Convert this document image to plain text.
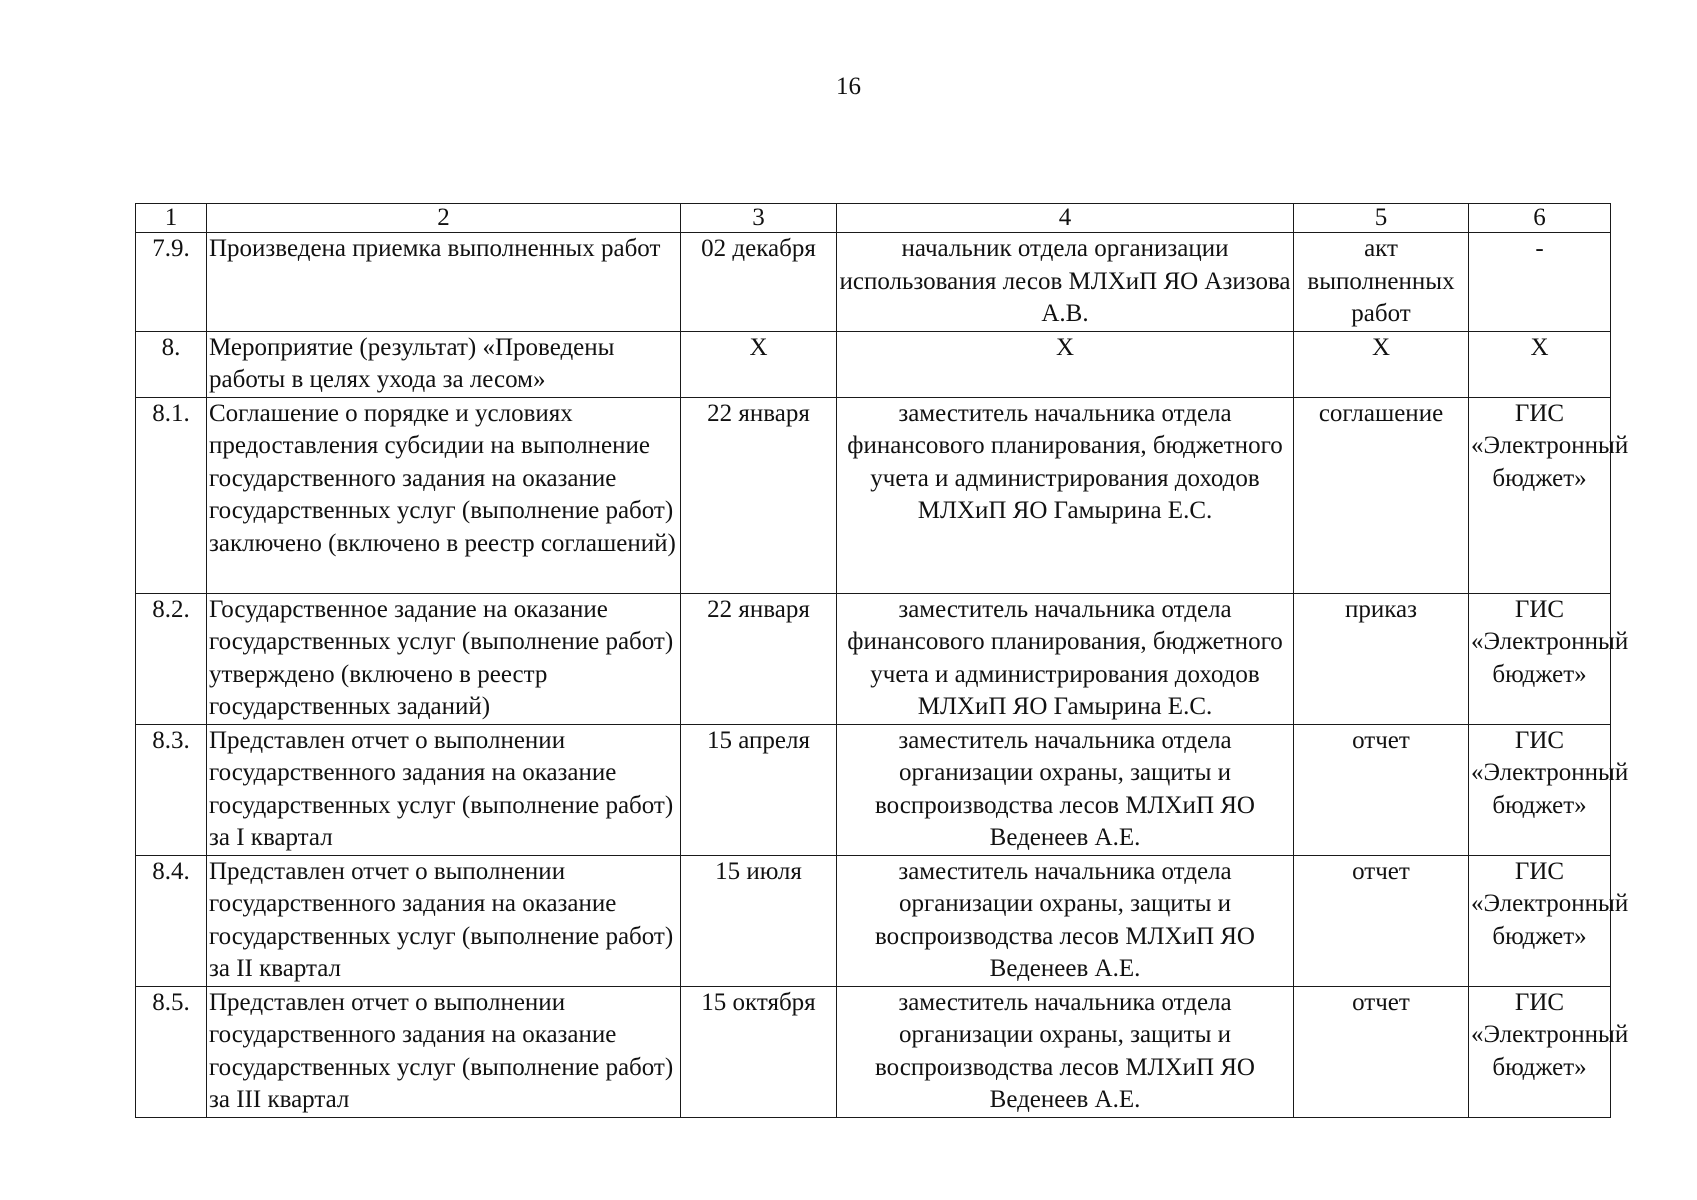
16
1	2	3	4	5	6
7.9.	Произведена приемка выполненных работ	02 декабря	начальник отдела организации использования лесов МЛХиП ЯО Азизова А.В.	акт выполненных работ	-
8.	Мероприятие (результат) «Проведены работы в целях ухода за лесом»	X	X	X	X
8.1.	Соглашение о порядке и условиях предоставления субсидии на выполнение государственного задания на оказание государственных услуг (выполнение работ) заключено (включено в реестр соглашений)	22 января	заместитель начальника отдела финансового планирования, бюджетного учета и администрирования доходов МЛХиП ЯО Гамырина Е.С.	соглашение	ГИС «Электронный бюджет»
8.2.	Государственное задание на оказание государственных услуг (выполнение работ) утверждено (включено в реестр государственных заданий)	22 января	заместитель начальника отдела финансового планирования, бюджетного учета и администрирования доходов МЛХиП ЯО Гамырина Е.С.	приказ	ГИС «Электронный бюджет»
8.3.	Представлен отчет о выполнении государственного задания на оказание государственных услуг (выполнение работ) за I квартал	15 апреля	заместитель начальника отдела организации охраны, защиты и воспроизводства лесов МЛХиП ЯО Веденеев А.Е.	отчет	ГИС «Электронный бюджет»
8.4.	Представлен отчет о выполнении государственного задания на оказание государственных услуг (выполнение работ) за II квартал	15 июля	заместитель начальника отдела организации охраны, защиты и воспроизводства лесов МЛХиП ЯО Веденеев А.Е.	отчет	ГИС «Электронный бюджет»
8.5.	Представлен отчет о выполнении государственного задания на оказание государственных услуг (выполнение работ) за III квартал	15 октября	заместитель начальника отдела организации охраны, защиты и воспроизводства лесов МЛХиП ЯО Веденеев А.Е.	отчет	ГИС «Электронный бюджет»
